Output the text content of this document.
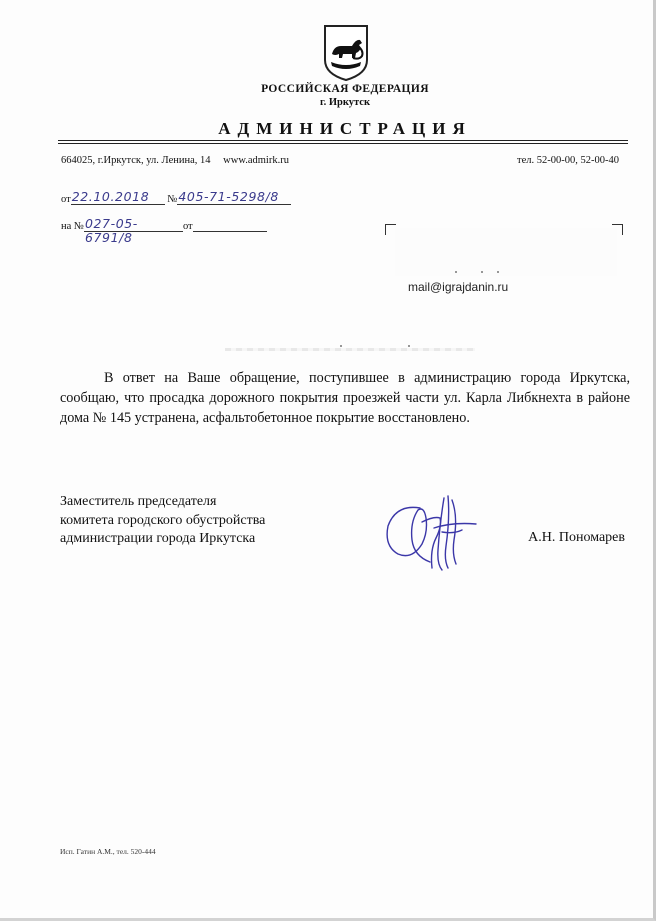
РОССИЙСКАЯ ФЕДЕРАЦИЯ
г. Иркутск
АДМИНИСТРАЦИЯ
664025, г.Иркутск, ул. Ленина, 14 www.admirk.ru	тел. 52-00-00, 52-00-40
от22.10.2018 №405-71-5298/8
на №027-05-6791/8от
mail@igrajdanin.ru
В ответ на Ваше обращение, поступившее в администрацию города Иркутска, сообщаю, что просадка дорожного покрытия проезжей части ул. Карла Либкнехта в районе дома № 145 устранена, асфальтобетонное покрытие восстановлено.
Заместитель председателя
комитета городского обустройства
администрации города Иркутска	А.Н. Пономарев
Исп. Гатин А.М., тел. 520-444
